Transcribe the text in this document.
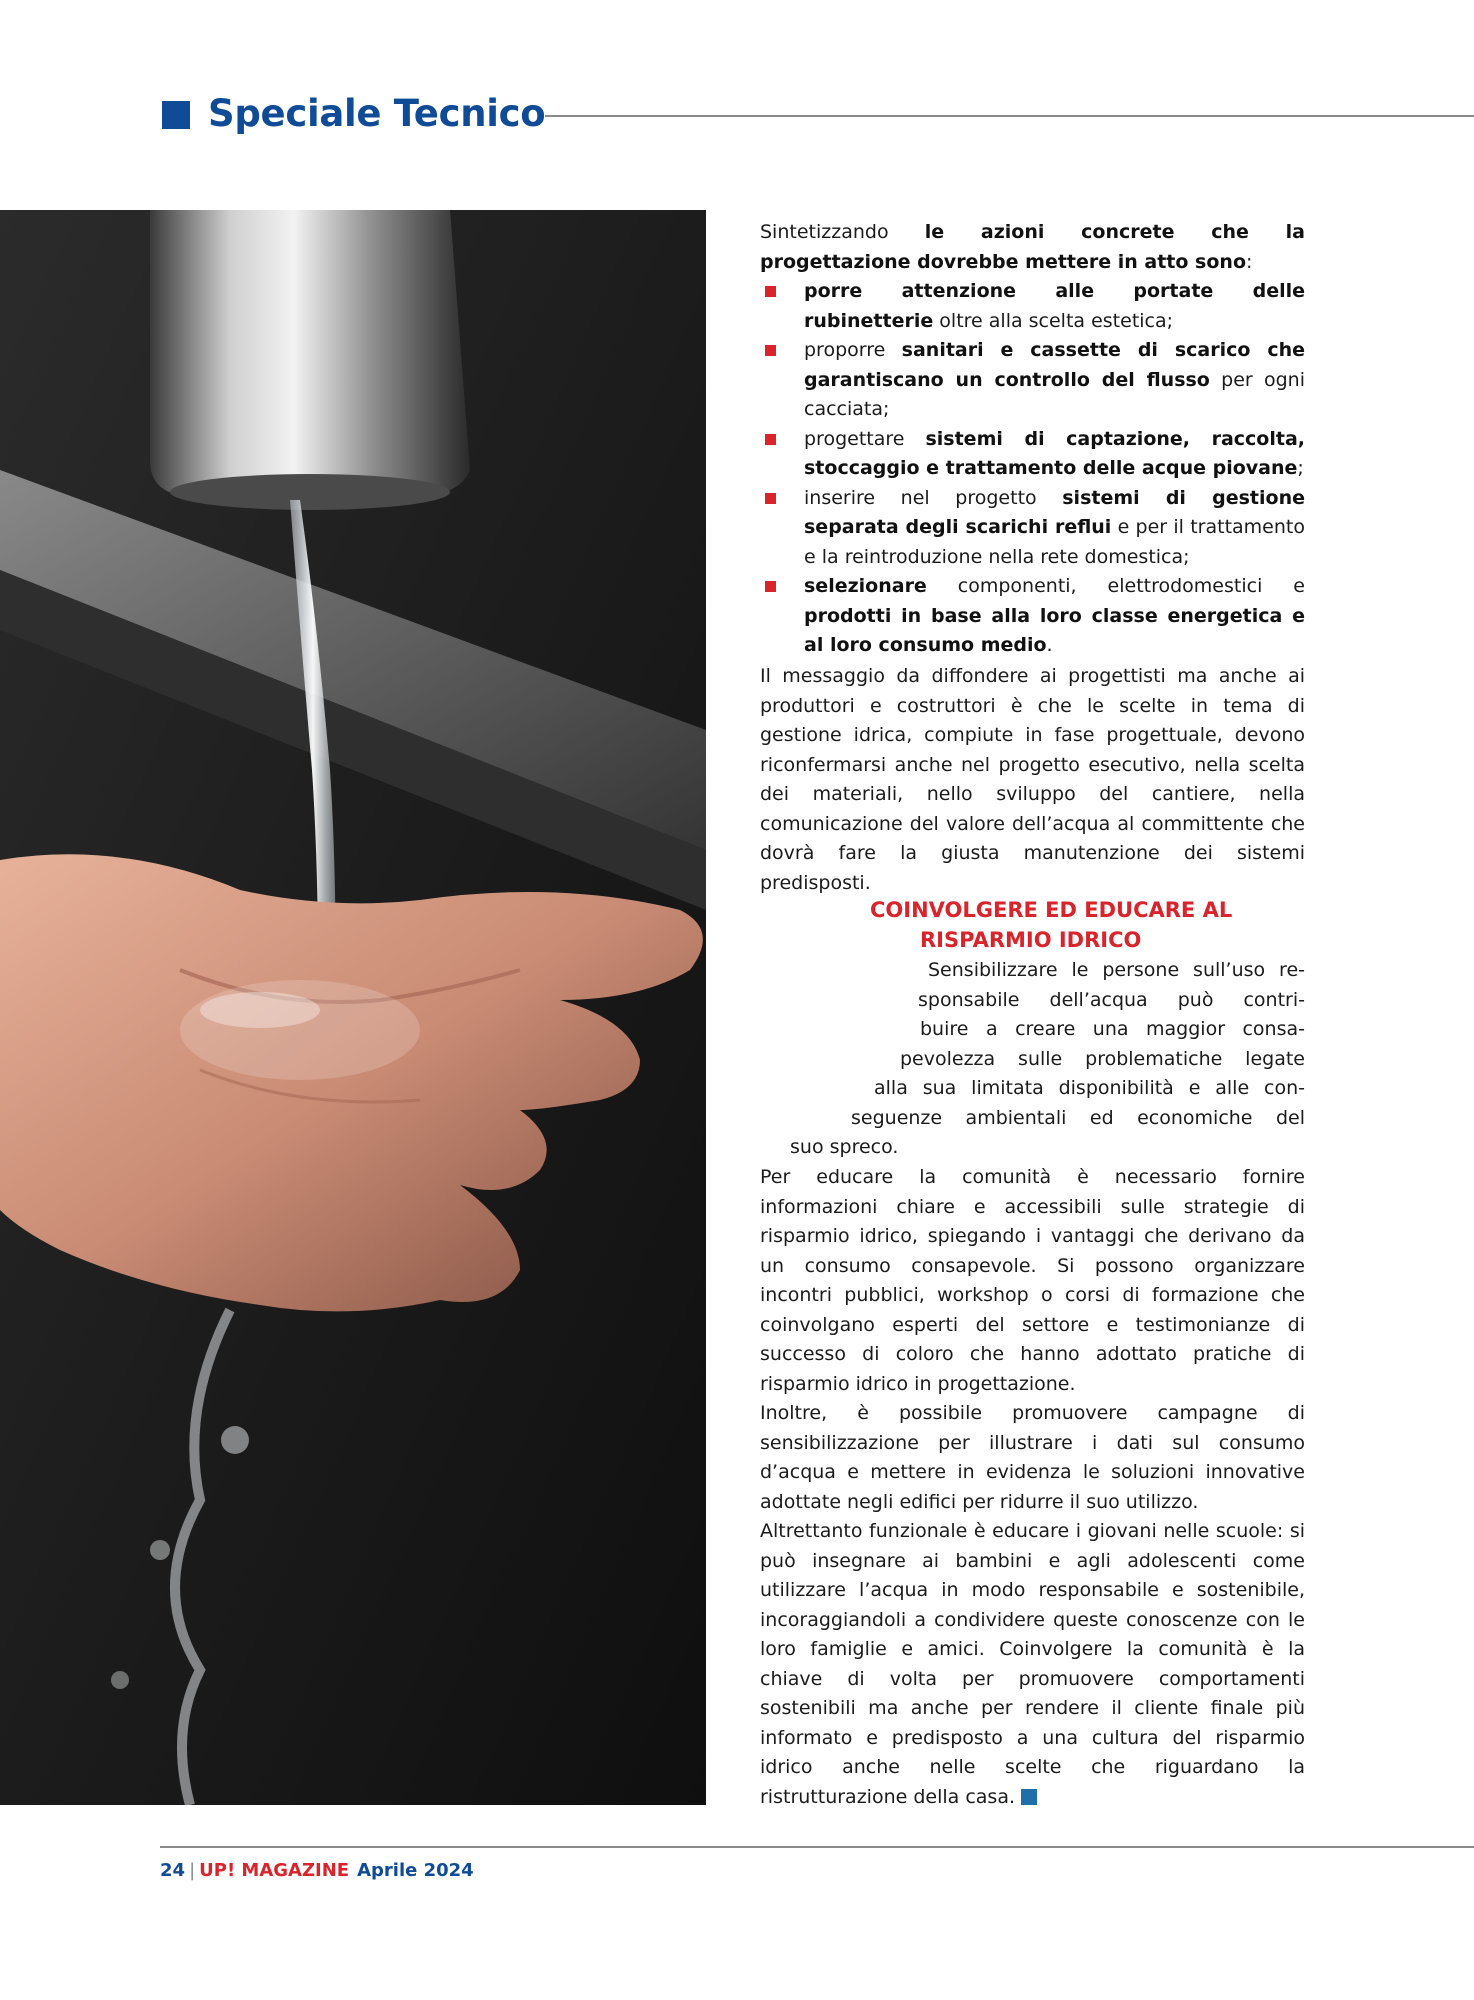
Speciale Tecnico

Sintetizzando le azioni concrete che la progettazione dovrebbe mettere in atto sono:

porre attenzione alle portate delle rubinetterie oltre alla scelta estetica;
proporre sanitari e cassette di scarico che garantiscano un controllo del flusso per ogni cacciata;
progettare sistemi di captazione, raccolta, stoccaggio e trattamento delle acque piovane;
inserire nel progetto sistemi di gestione separata degli scarichi reflui e per il trattamento e la reintroduzione nella rete domestica;
selezionare componenti, elettrodomestici e prodotti in base alla loro classe energetica e al loro consumo medio.

Il messaggio da diffondere ai progettisti ma anche ai produttori e costruttori è che le scelte in tema di gestione idrica, compiute in fase progettuale, devono riconfermarsi anche nel progetto esecutivo, nella scelta dei materiali, nello sviluppo del cantiere, nella comunicazione del valore dell’acqua al committente che dovrà fare la giusta manutenzione dei sistemi predisposti.

COINVOLGERE ED EDUCARE AL
RISPARMIO IDRICO
Sensibilizzare le persone sull’uso re-
sponsabile dell’acqua può contri-
buire a creare una maggior consa-
pevolezza sulle problematiche legate
alla sua limitata disponibilità e alle con-
seguenze ambientali ed economiche del
suo spreco.

Per educare la comunità è necessario fornire informazioni chiare e accessibili sulle strategie di risparmio idrico, spiegando i vantaggi che derivano da un consumo consapevole. Si possono organizzare incontri pubblici, workshop o corsi di formazione che coinvolgano esperti del settore e testimonianze di successo di coloro che hanno adottato pratiche di risparmio idrico in progettazione.

Inoltre, è possibile promuovere campagne di sensibilizzazione per illustrare i dati sul consumo d’acqua e mettere in evidenza le soluzioni innovative adottate negli edifici per ridurre il suo utilizzo.

Altrettanto funzionale è educare i giovani nelle scuole: si può insegnare ai bambini e agli adolescenti come utilizzare l’acqua in modo responsabile e sostenibile, incoraggiandoli a condividere queste conoscenze con le loro famiglie e amici. Coinvolgere la comunità è la chiave di volta per promuovere comportamenti sostenibili ma anche per rendere il cliente finale più informato e predisposto a una cultura del risparmio idrico anche nelle scelte che riguardano la ristrutturazione della casa.

24 | UP! MAGAZINE Aprile 2024
